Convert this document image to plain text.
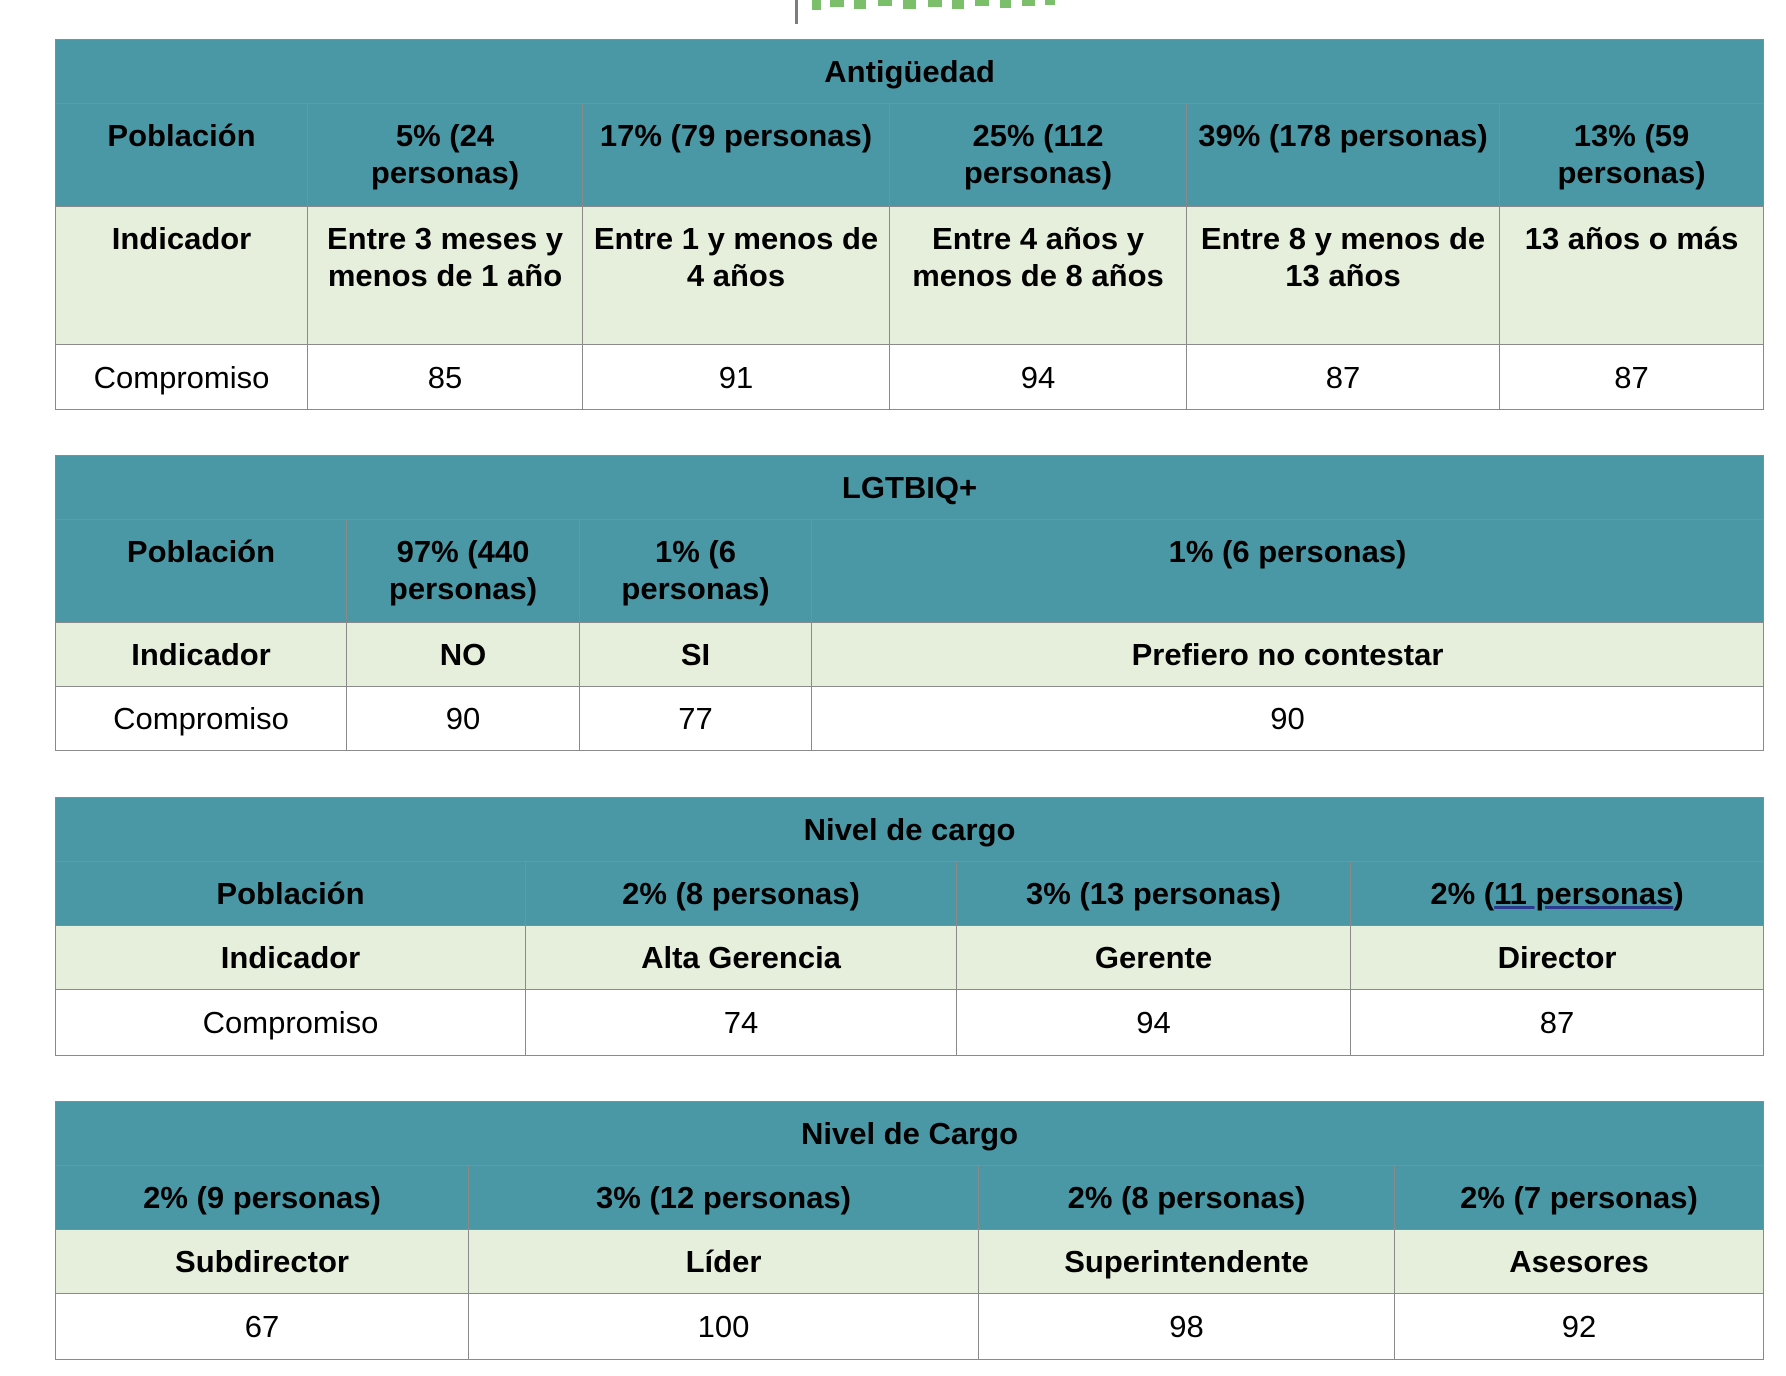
Antigüedad					
Población	5% (24 personas)	17% (79 personas)	25% (112 personas)	39% (178 personas)	13% (59 personas)
Indicador	Entre 3 meses y menos de 1 año	Entre 1 y menos de 4 años	Entre 4 años y menos de 8 años	Entre 8 y menos de 13 años	13 años o más
Compromiso	85	91	94	87	87
LGTBIQ+			
Población	97% (440 personas)	1% (6 personas)	1% (6 personas)
Indicador	NO	SI	Prefiero no contestar
Compromiso	90	77	90
Nivel de cargo			
Población	2% (8 personas)	3% (13 personas)	2% (11 personas)
Indicador	Alta Gerencia	Gerente	Director
Compromiso	74	94	87
Nivel de Cargo			
2% (9 personas)	3% (12 personas)	2% (8 personas)	2% (7 personas)
Subdirector	Líder	Superintendente	Asesores
67	100	98	92
